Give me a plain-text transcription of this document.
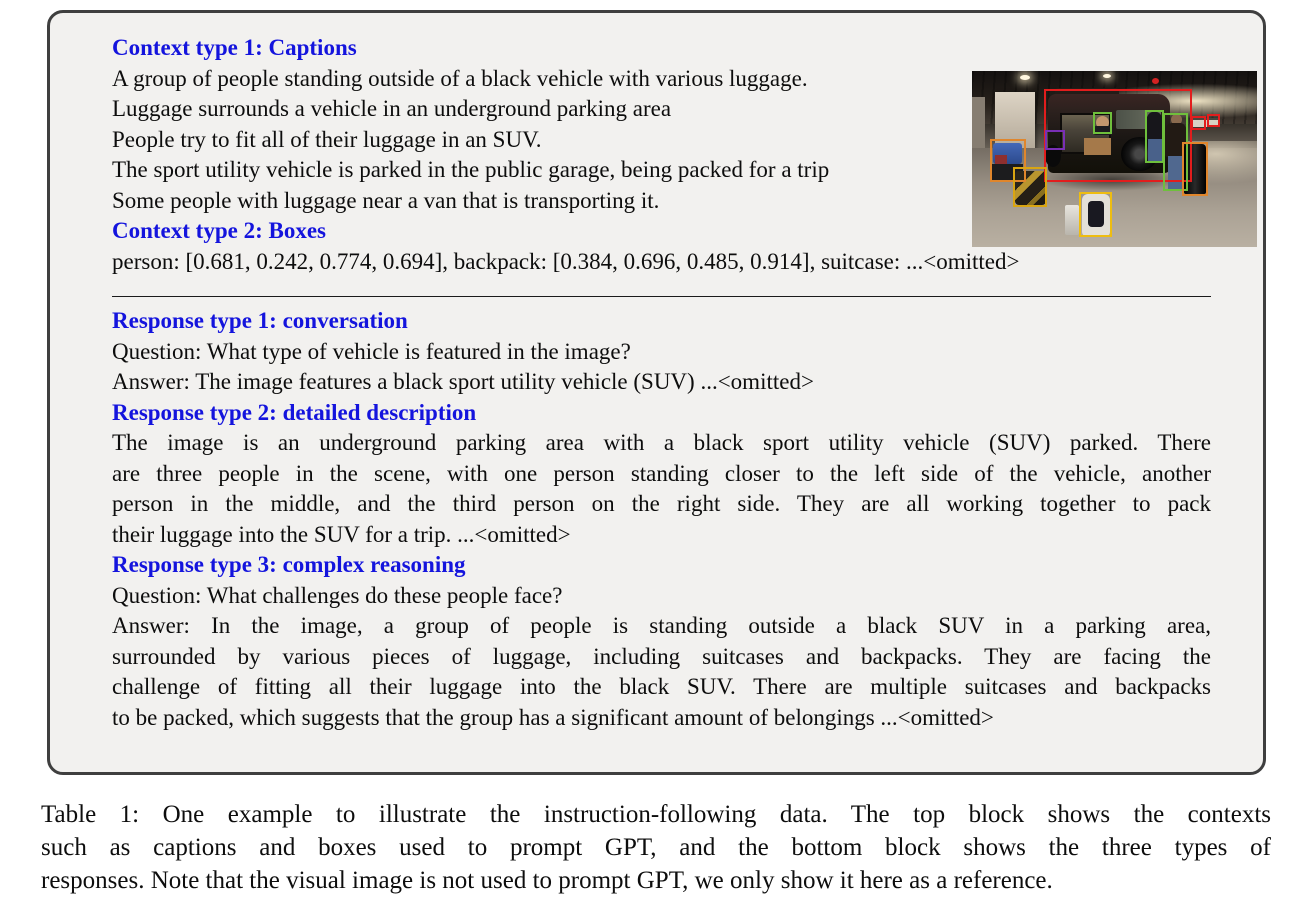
Context type 1: Captions
A group of people standing outside of a black vehicle with various luggage.
Luggage surrounds a vehicle in an underground parking area
People try to fit all of their luggage in an SUV.
The sport utility vehicle is parked in the public garage, being packed for a trip
Some people with luggage near a van that is transporting it.
Context type 2: Boxes
person: [0.681, 0.242, 0.774, 0.694], backpack: [0.384, 0.696, 0.485, 0.914], suitcase: ...<omitted>
Response type 1: conversation
Question: What type of vehicle is featured in the image?
Answer: The image features a black sport utility vehicle (SUV) ...<omitted>
Response type 2: detailed description
The image is an underground parking area with a black sport utility vehicle (SUV) parked. There
are three people in the scene, with one person standing closer to the left side of the vehicle, another
person in the middle, and the third person on the right side. They are all working together to pack
their luggage into the SUV for a trip. ...<omitted>
Response type 3: complex reasoning
Question: What challenges do these people face?
Answer: In the image, a group of people is standing outside a black SUV in a parking area,
surrounded by various pieces of luggage, including suitcases and backpacks. They are facing the
challenge of fitting all their luggage into the black SUV. There are multiple suitcases and backpacks
to be packed, which suggests that the group has a significant amount of belongings ...<omitted>
Table 1: One example to illustrate the instruction-following data. The top block shows the contexts
such as captions and boxes used to prompt GPT, and the bottom block shows the three types of
responses. Note that the visual image is not used to prompt GPT, we only show it here as a reference.
